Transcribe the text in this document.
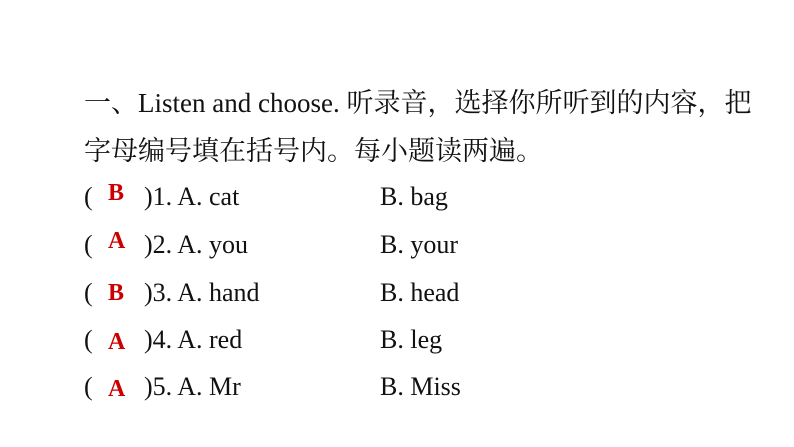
一、Listen and choose. 听录音，选择你所听到的内容，把
字母编号填在括号内。每小题读两遍。
( B )1. A. cat	B. bag
( A )2. A. you	B. your
( B )3. A. hand	B. head
( A )4. A. red	B. leg
( A )5. A. Mr	B. Miss
